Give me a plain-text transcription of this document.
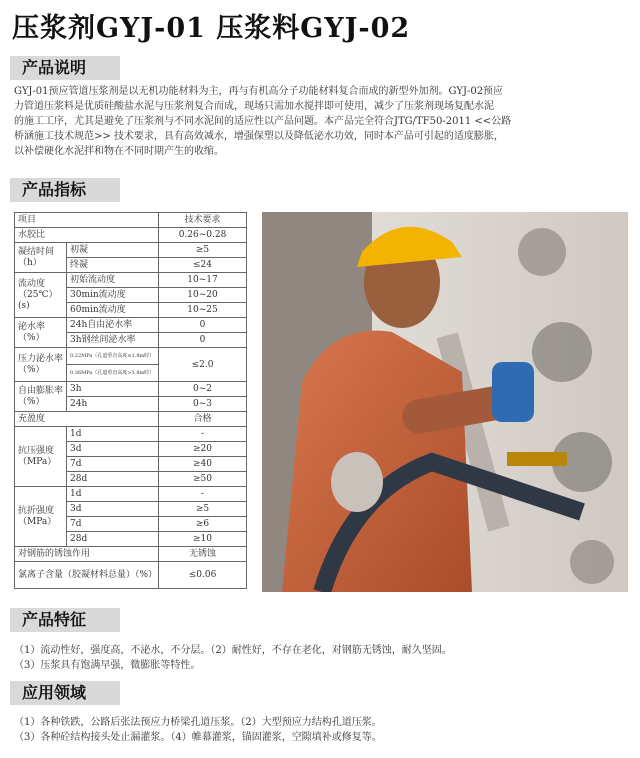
压浆剂GYJ-01 压浆料GYJ-02
产品说明
GYJ-01预应管道压浆剂是以无机功能材料为主，再与有机高分子功能材料复合而成的新型外加剂。GYJ-02预应
力管道压浆料是优质硅酸盐水泥与压浆剂复合而成，现场只需加水搅拌即可使用，减少了压浆剂现场复配水泥
的施工工序，尤其是避免了压浆剂与不同水泥间的适应性以产品问题。本产品完全符合JTG/TF50-2011 <<公路
桥涵施工技术规范>> 技术要求，具有高效减水，增强保塑以及降低泌水功效，同时本产品可引起的适度膨胀，
以补偿硬化水泥拌和物在不同时期产生的收缩。
产品指标
项目		技术要求
水胶比		0.26~0.28
凝结时间（h）	初凝	≥5
	终凝	≤24
流动度（25℃）(s)	初始流动度	10~17
	30min流动度	10~20
	60min流动度	10~25
泌水率（%）	24h自由泌水率	0
	3h钢丝间泌水率	0
压力泌水率（%）	0.22MPa（孔道垂直高度≤1.8m时）	≤2.0
	0.36MPa（孔道垂直高度>1.8m时）	
自由膨胀率（%）	3h	0~2
	24h	0~3
充盈度		合格
抗压强度（MPa）	1d	-
	3d	≥20
	7d	≥40
	28d	≥50
抗折强度（MPa）	1d	-
	3d	≥5
	7d	≥6
	28d	≥10
对钢筋的锈蚀作用		无锈蚀
氯离子含量（胶凝材料总量）（%）		≤0.06
产品特征
（1）流动性好，强度高，不泌水，不分层。（2）耐性好，不存在老化，对钢筋无锈蚀，耐久坚固。
（3）压浆具有饱满早强，微膨胀等特性。
应用领域
（1）各种铁跌，公路后张法预应力桥梁孔道压浆。（2）大型预应力结构孔道压浆。
（3）各种砼结构接头处止漏灌浆。（4）帷幕灌浆，锚固灌浆，空隙填补或修复等。
